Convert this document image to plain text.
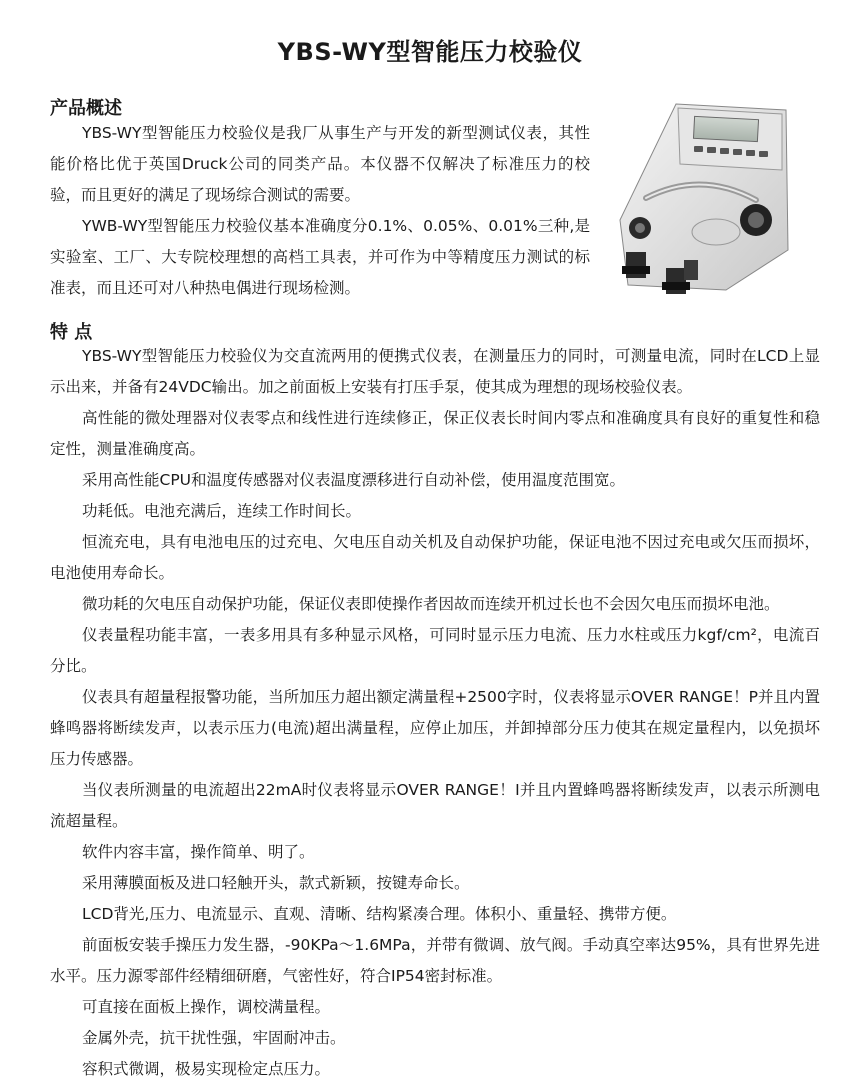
YBS-WY型智能压力校验仪
产品概述

YBS-WY型智能压力校验仪是我厂从事生产与开发的新型测试仪表，其性能价格比优于英国Druck公司的同类产品。本仪器不仅解决了标准压力的校验，而且更好的满足了现场综合测试的需要。

YWB-WY型智能压力校验仪基本准确度分0.1%、0.05%、0.01%三种,是实验室、工厂、大专院校理想的高档工具表，并可作为中等精度压力测试的标准表，而且还可对八种热电偶进行现场检测。

特 点

YBS-WY型智能压力校验仪为交直流两用的便携式仪表，在测量压力的同时，可测量电流，同时在LCD上显示出来，并备有24VDC输出。加之前面板上安装有打压手泵，使其成为理想的现场校验仪表。

高性能的微处理器对仪表零点和线性进行连续修正，保正仪表长时间内零点和准确度具有良好的重复性和稳定性，测量准确度高。

采用高性能CPU和温度传感器对仪表温度漂移进行自动补偿，使用温度范围宽。

功耗低。电池充满后，连续工作时间长。

恒流充电，具有电池电压的过充电、欠电压自动关机及自动保护功能，保证电池不因过充电或欠压而损坏，电池使用寿命长。

微功耗的欠电压自动保护功能，保证仪表即使操作者因故而连续开机过长也不会因欠电压而损坏电池。

仪表量程功能丰富，一表多用具有多种显示风格，可同时显示压力电流、压力水柱或压力kgf/cm²，电流百分比。

仪表具有超量程报警功能，当所加压力超出额定满量程+2500字时，仪表将显示OVER RANGE！P并且内置蜂鸣器将断续发声，以表示压力(电流)超出满量程，应停止加压，并卸掉部分压力使其在规定量程内，以免损坏压力传感器。

当仪表所测量的电流超出22mA时仪表将显示OVER RANGE！I并且内置蜂鸣器将断续发声，以表示所测电流超量程。

软件内容丰富，操作简单、明了。

采用薄膜面板及进口轻触开头，款式新颖，按键寿命长。

LCD背光,压力、电流显示、直观、清晰、结构紧凑合理。体积小、重量轻、携带方便。

前面板安装手操压力发生器，-90KPa～1.6MPa，并带有微调、放气阀。手动真空率达95%，具有世界先进水平。压力源零部件经精细研磨，气密性好，符合IP54密封标准。

可直接在面板上操作，调校满量程。

金属外壳，抗干扰性强，牢固耐冲击。

容积式微调，极易实现检定点压力。
